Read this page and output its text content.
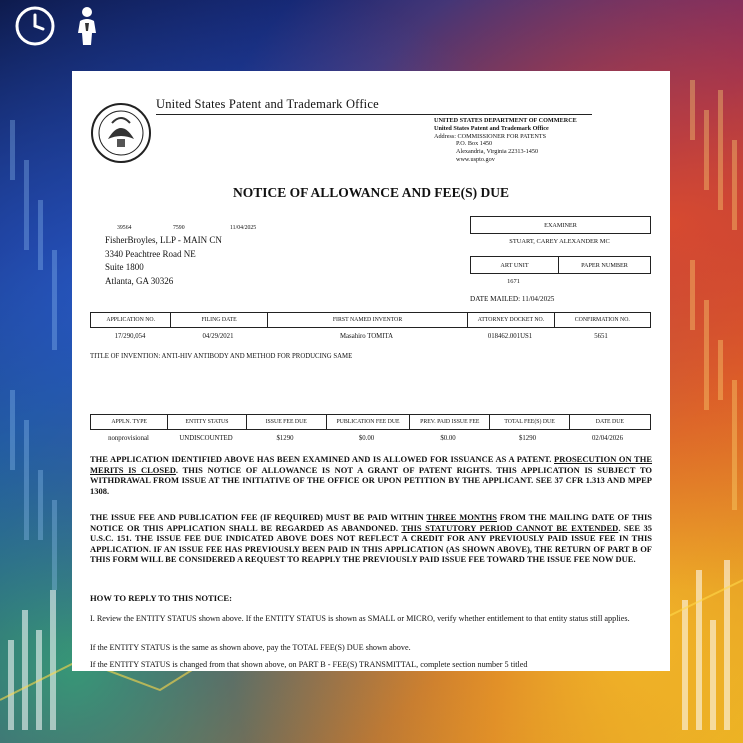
United States Patent and Trademark Office
UNITED STATES DEPARTMENT OF COMMERCE
United States Patent and Trademark Office
Address: COMMISSIONER FOR PATENTS
P.O. Box 1450
Alexandria, Virginia 22313-1450
www.uspto.gov
NOTICE OF ALLOWANCE AND FEE(S) DUE
39564	7590	11/04/2025
FisherBroyles, LLP - MAIN CN
3340 Peachtree Road NE
Suite 1800
Atlanta, GA 30326
EXAMINER
STUART, CAREY ALEXANDER MC
ART UNIT	PAPER NUMBER
1671
DATE MAILED: 11/04/2025
APPLICATION NO.	FILING DATE	FIRST NAMED INVENTOR	ATTORNEY DOCKET NO.	CONFIRMATION NO.
17/290,054	04/29/2021	Masahiro TOMITA	018462.001US1	5651
TITLE OF INVENTION: ANTI-HIV ANTIBODY AND METHOD FOR PRODUCING SAME
APPLN. TYPE	ENTITY STATUS	ISSUE FEE DUE	PUBLICATION FEE DUE	PREV. PAID ISSUE FEE	TOTAL FEE(S) DUE	DATE DUE
nonprovisional	UNDISCOUNTED	$1290	$0.00	$0.00	$1290	02/04/2026
THE APPLICATION IDENTIFIED ABOVE HAS BEEN EXAMINED AND IS ALLOWED FOR ISSUANCE AS A PATENT. PROSECUTION ON THE MERITS IS CLOSED. THIS NOTICE OF ALLOWANCE IS NOT A GRANT OF PATENT RIGHTS. THIS APPLICATION IS SUBJECT TO WITHDRAWAL FROM ISSUE AT THE INITIATIVE OF THE OFFICE OR UPON PETITION BY THE APPLICANT. SEE 37 CFR 1.313 AND MPEP 1308.
THE ISSUE FEE AND PUBLICATION FEE (IF REQUIRED) MUST BE PAID WITHIN THREE MONTHS FROM THE MAILING DATE OF THIS NOTICE OR THIS APPLICATION SHALL BE REGARDED AS ABANDONED. THIS STATUTORY PERIOD CANNOT BE EXTENDED. SEE 35 U.S.C. 151. THE ISSUE FEE DUE INDICATED ABOVE DOES NOT REFLECT A CREDIT FOR ANY PREVIOUSLY PAID ISSUE FEE IN THIS APPLICATION. IF AN ISSUE FEE HAS PREVIOUSLY BEEN PAID IN THIS APPLICATION (AS SHOWN ABOVE), THE RETURN OF PART B OF THIS FORM WILL BE CONSIDERED A REQUEST TO REAPPLY THE PREVIOUSLY PAID ISSUE FEE TOWARD THE ISSUE FEE NOW DUE.
HOW TO REPLY TO THIS NOTICE:
I. Review the ENTITY STATUS shown above. If the ENTITY STATUS is shown as SMALL or MICRO, verify whether entitlement to that entity status still applies.
If the ENTITY STATUS is the same as shown above, pay the TOTAL FEE(S) DUE shown above.
If the ENTITY STATUS is changed from that shown above, on PART B - FEE(S) TRANSMITTAL, complete section number 5 titled
